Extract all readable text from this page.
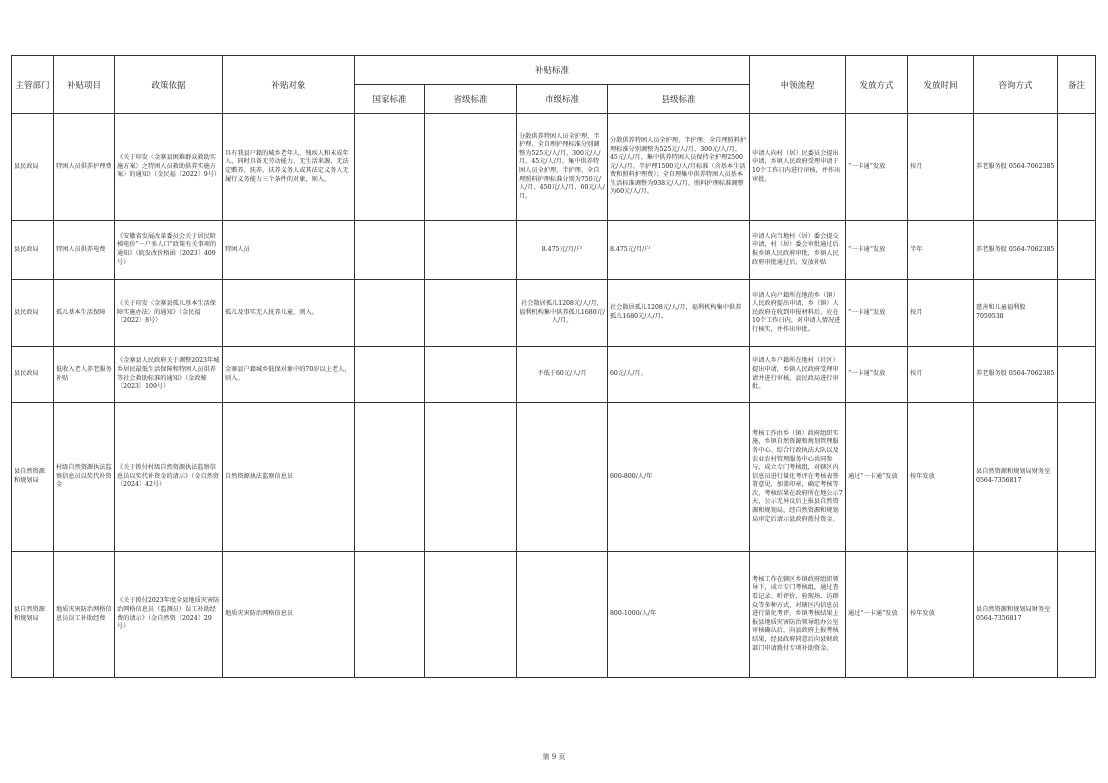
主管部门	补贴项目	政策依据	补贴对象	补贴标准				申领流程	发放方式	发放时间	咨询方式	备注
				国家标准	省级标准	市级标准	县级标准					
县民政局	特困人员供养护理费	《关于印发〈金寨县困难群众救助实施方案〉之特困人员救助供养实施方案〉的通知》（金民福〔2022〕9号）	具有我县户籍的城乡老年人、残疾人和未成年人，同时具备无劳动能力、无生活来源、无法定赡养、抚养、扶养义务人或其法定义务人无履行义务能力三个条件的对象，则入。			分散供养特困人员全护理、半护理、全自理护理标准分别调整为525元/人/月、300元/人/月、45元/人/月。集中供养特困人员全护理、半护理、全自理照料护理标准分别为750元/人/月、450元/人/月、60元/人/月。	分散供养特困人员全护理、半护理、全自理照料护理标准分别调整为525元/人/月、300元/人/月、45元/人/月。集中供养特困人员保持全护理2500元/人/月、半护理1500元/人/月标准（含基本生活费和照料护理费）；全自理集中供养特困人员基本生活标准调整为938元/人/月、照料护理标准调整为60元/人/月。	申请人向村（居）民委员会提出申请，乡镇人民政府受理申请于10个工作日内进行审核，并作出审批。	“一卡通”发放	按月	养老服务股 0564-7062385	
县民政局	特困人员供养电费	《安徽省发展改革委员会关于居民阶梯电价“一户多人口”政策有关事项的通知》（皖发改价格函〔2023〕409号）	特困人员			8.475元/月/户	8.475元/月/户	申请人向当地村（居）委会提交申请，村（居）委会审批通过后报乡镇人民政府审批，乡镇人民政府审批通过后，发放补贴	“一卡通”发放	半年	养老服务股 0564-7062385	
县民政局	孤儿基本生活保障	《关于印发〈金寨县孤儿基本生活保障实施办法〉的通知》（金民福〔2022〕8号）	孤儿及事实无人抚养儿童，则入。			社会散居孤儿1208元/人/月，福利机构集中供养孤儿1680元/人/月。	社会散居孤儿1208元/人/月，福利机构集中供养孤儿1680元/人/月。	申请人向户籍所在地的乡（镇）人民政府提出申请，乡（镇）人民政府在收到申报材料后，应在10个工作日内，对申请人情况进行核实，并作出审批。	“一卡通”发放	按月	慈善和儿童福利股 7059538	
县民政局	低收入老人养老服务补贴	《金寨县人民政府关于调整2023年城乡居民最低生活保障和特困人员供养等社会救助标准的通知》（金政秘〔2023〕109号）	金寨县户籍城乡低保对象中的70岁以上老人，则入。			不低于60元/人/月	60元/人/月。	申请人乡户籍所在地村（社区）提出申请，乡镇人民政府受理申请并进行审核，县民政局进行审批。	“一卡通”发放	按月	养老服务股 0564-7062385	
县自然资源和规划局	村级自然资源执法监察信息员以奖代补资金	《关于拨付村级自然资源执法监察信息员以奖代补资金的请示》（金自然资〔2024〕42号）	自然资源执法监察信息员				600-800/人/年	考核工作由乡（镇）政府组织实施，乡镇自然资源和规划管理服务中心、综合行政执法大队以及农业农村管理服务中心共同参与，成立专门考核组，对辖区内信息员进行量化考评在考核表签署意见，加盖印章，确定考核等次，考核结果在政府所在地公示7天，公示无异议后上报县自然资源和规划局，经自然资源和规划局审定后请示县政府拨付资金。	通过“一卡通”发放	按年发放	县自然资源和规划局财务室 0564-7356817	
县自然资源和规划局	地质灾害防治网格信息员误工补助经费	《关于拨付2023年度全县地质灾害防治网格信息员（监测员）误工补助经费的请示》（金自然资〔2024〕29号）	地质灾害防治网格信息员				800-1000/人/年	考核工作在辖区乡镇政府组织领导下，成立专门考核组，通过查看记录、听评价、验现场、访群众等多种方式，对辖区内信息员进行量化考评，乡镇考核结果上报县地质灾害防治领导组办公室审核确认后，向县政府上报考核结果，经县政府同意后向县财政部门申请拨付专项补助资金。	通过“一卡通”发放	按年发放	县自然资源和规划局财务室 0564-7356817	
第 9 页
